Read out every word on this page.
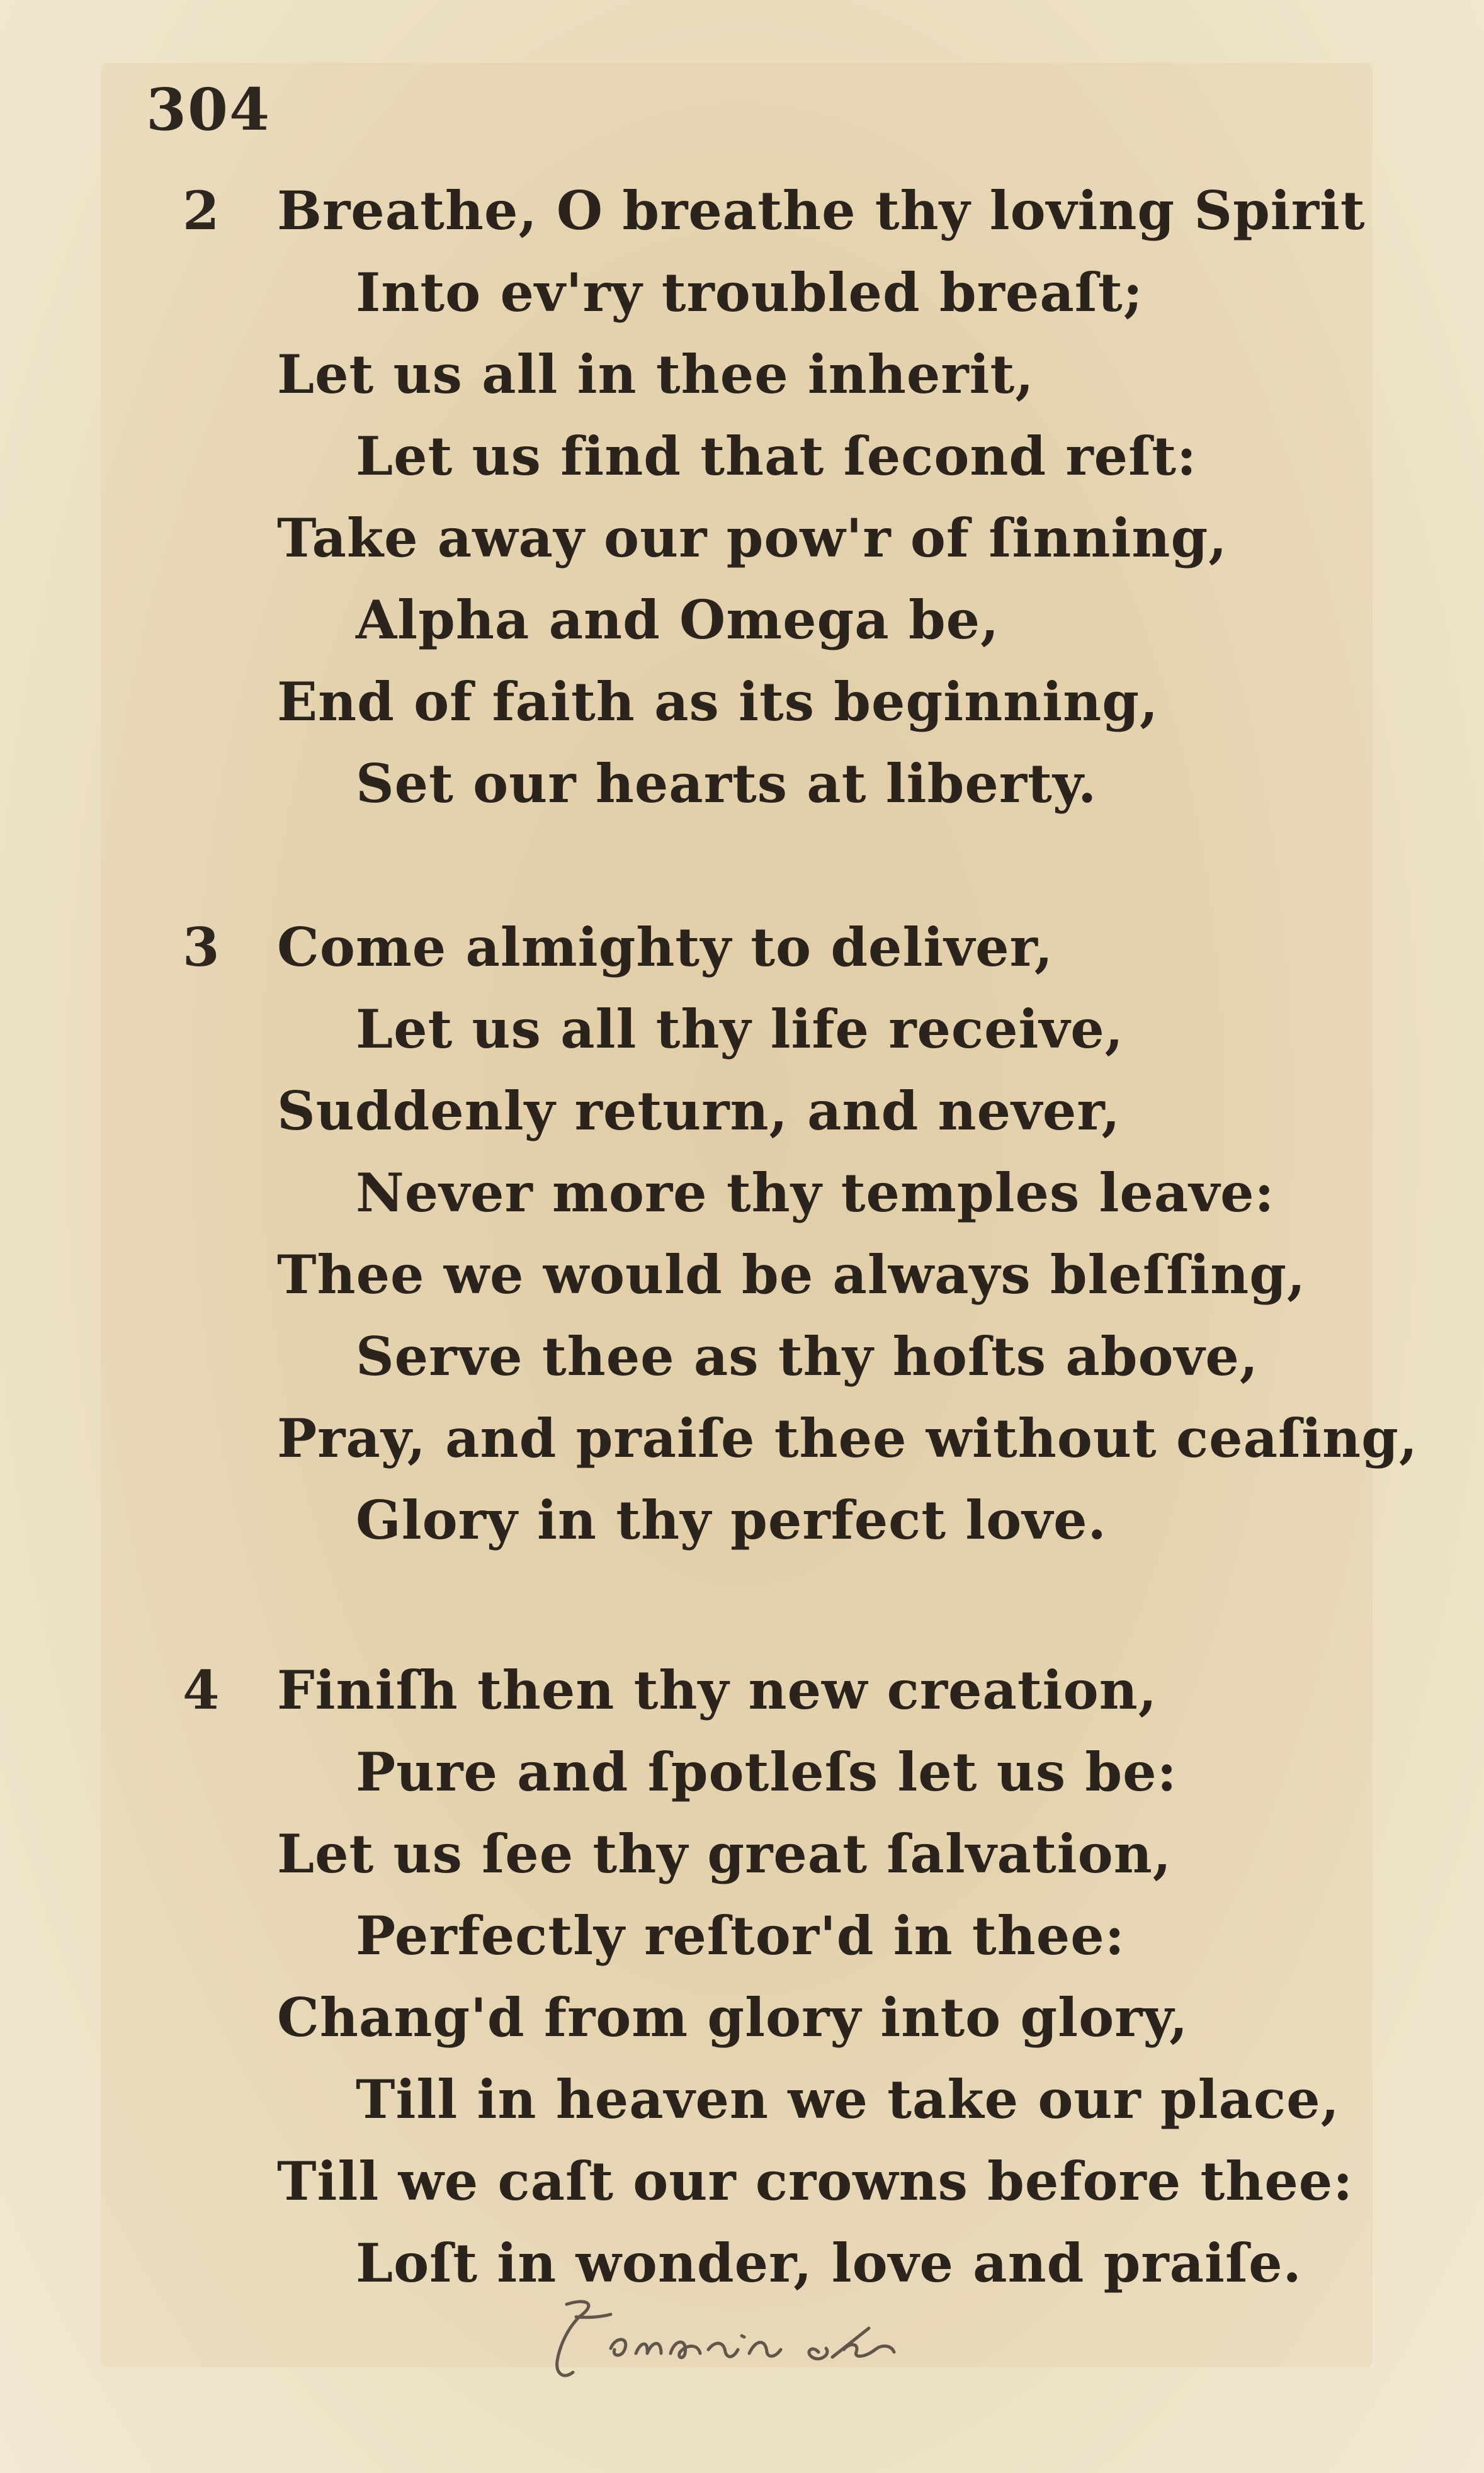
304
2 Breathe, O breathe thy loving Spirit
Into ev'ry troubled breaſt;
Let us all in thee inherit,
Let us find that ſecond reſt:
Take away our pow'r of ſinning,
Alpha and Omega be,
End of faith as its beginning,
Set our hearts at liberty.
3 Come almighty to deliver,
Let us all thy life receive,
Suddenly return, and never,
Never more thy temples leave:
Thee we would be always bleſſing,
Serve thee as thy hoſts above,
Pray, and praiſe thee without ceaſing,
Glory in thy perfect love.
4 Finiſh then thy new creation,
Pure and ſpotleſs let us be:
Let us ſee thy great ſalvation,
Perfectly reſtor'd in thee:
Chang'd from glory into glory,
Till in heaven we take our place,
Till we caſt our crowns before thee:
Loſt in wonder, love and praiſe.
